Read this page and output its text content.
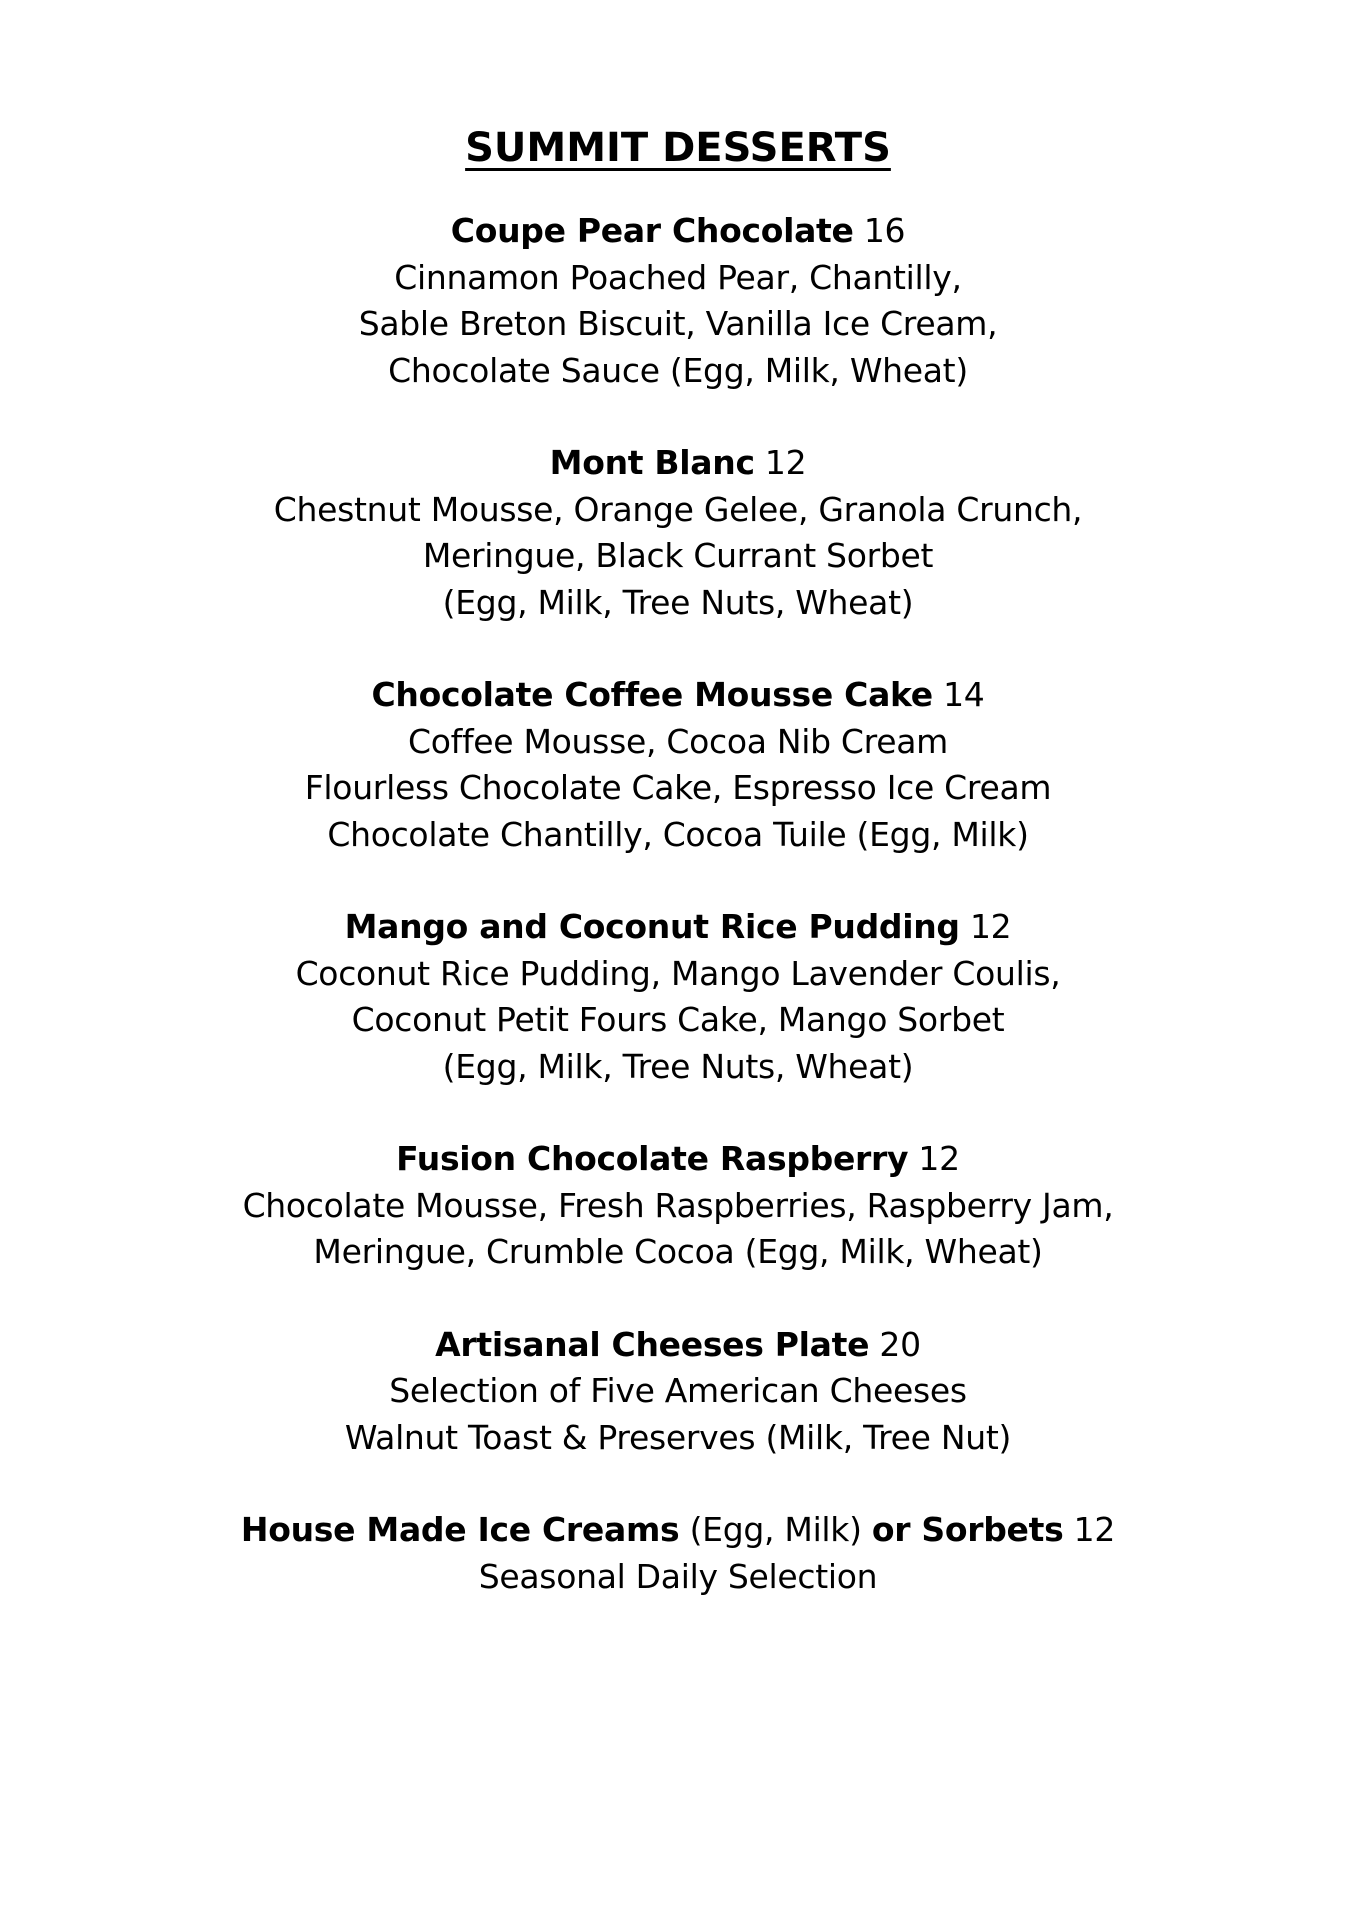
SUMMIT DESSERTS
Coupe Pear Chocolate 16
Cinnamon Poached Pear, Chantilly,
Sable Breton Biscuit, Vanilla Ice Cream,
Chocolate Sauce (Egg, Milk, Wheat)
Mont Blanc 12
Chestnut Mousse, Orange Gelee, Granola Crunch,
Meringue, Black Currant Sorbet
(Egg, Milk, Tree Nuts, Wheat)
Chocolate Coffee Mousse Cake 14
Coffee Mousse, Cocoa Nib Cream
Flourless Chocolate Cake, Espresso Ice Cream
Chocolate Chantilly, Cocoa Tuile (Egg, Milk)
Mango and Coconut Rice Pudding 12
Coconut Rice Pudding, Mango Lavender Coulis,
Coconut Petit Fours Cake, Mango Sorbet
(Egg, Milk, Tree Nuts, Wheat)
Fusion Chocolate Raspberry 12
Chocolate Mousse, Fresh Raspberries, Raspberry Jam,
Meringue, Crumble Cocoa (Egg, Milk, Wheat)
Artisanal Cheeses Plate 20
Selection of Five American Cheeses
Walnut Toast & Preserves (Milk, Tree Nut)
House Made Ice Creams (Egg, Milk) or Sorbets 12
Seasonal Daily Selection
